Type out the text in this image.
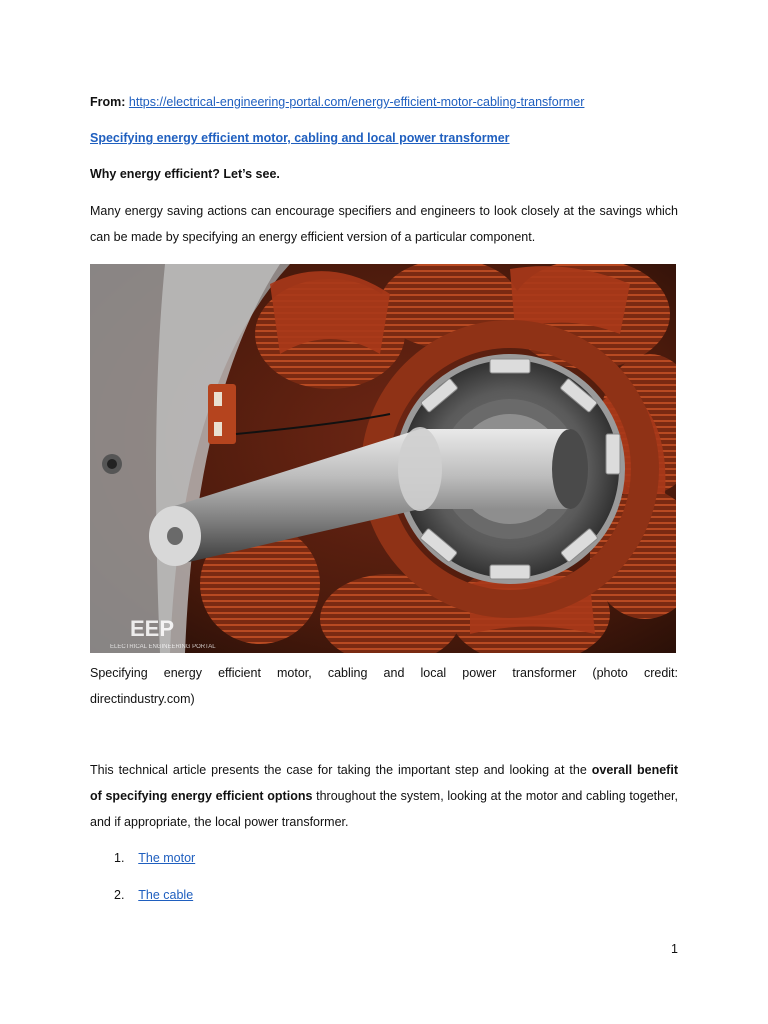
From: https://electrical-engineering-portal.com/energy-efficient-motor-cabling-transformer
Specifying energy efficient motor, cabling and local power transformer
Why energy efficient? Let’s see.
Many energy saving actions can encourage specifiers and engineers to look closely at the savings which
can be made by specifying an energy efficient version of a particular component.
EEP
ELECTRICAL ENGINEERING PORTAL
Specifying energy efficient motor, cabling and local power transformer (photo credit:
directindustry.com)
This technical article presents the case for taking the important step and looking at the overall benefit
of specifying energy efficient options throughout the system, looking at the motor and cabling together,
and if appropriate, the local power transformer.
1. The motor
2. The cable
1
